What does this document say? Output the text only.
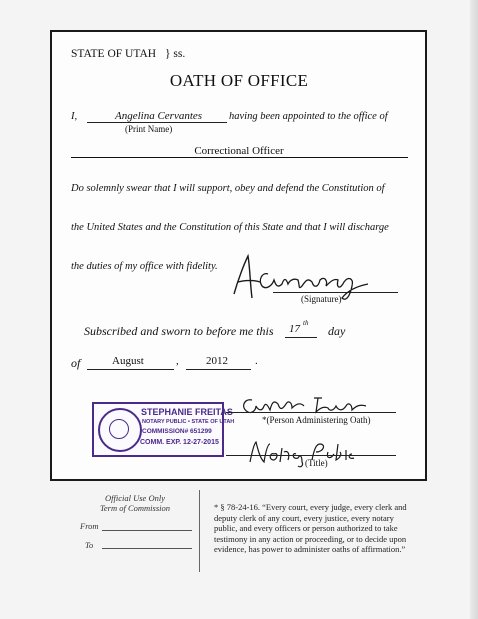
STATE OF UTAH } ss.
OATH OF OFFICE
I,	Angelina Cervantes	having been appointed to the office of
(Print Name)
Correctional Officer
Do solemnly swear that I will support, obey and defend the Constitution of
the United States and the Constitution of this State and that I will discharge
the duties of my office with fidelity.
(Signature)
Subscribed and sworn to before me this 17 th
day
of	August	, 2012 .
STEPHANIE FREITAS
NOTARY PUBLIC • STATE OF UTAH
COMMISSION# 651299
COMM. EXP. 12-27-2015
*(Person Administering Oath)
(Title)
Official Use Only
Term of Commission
From
To
* § 78-24-16. “Every court, every judge, every clerk and deputy clerk of any court, every justice, every notary public, and every officers or person authorized to take testimony in any action or proceeding, or to decide upon evidence, has power to administer oaths of affirmation.”
